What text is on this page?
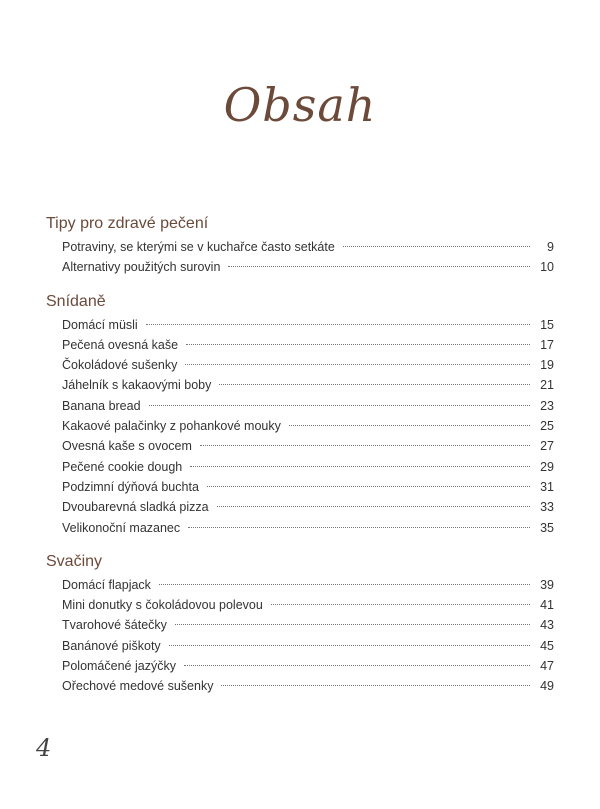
Obsah
Tipy pro zdravé pečení
Potraviny, se kterými se v kuchařce často setkáte	9
Alternativy použitých surovin	10
Snídaně
Domácí müsli	15
Pečená ovesná kaše	17
Čokoládové sušenky	19
Jáhelník s kakaovými boby	21
Banana bread	23
Kakaové palačinky z pohankové mouky	25
Ovesná kaše s ovocem	27
Pečené cookie dough	29
Podzimní dýňová buchta	31
Dvoubarevná sladká pizza	33
Velikonoční mazanec	35
Svačiny
Domácí flapjack	39
Mini donutky s čokoládovou polevou	41
Tvarohové šátečky	43
Banánové piškoty	45
Polomáčené jazýčky	47
Ořechové medové sušenky	49
4
